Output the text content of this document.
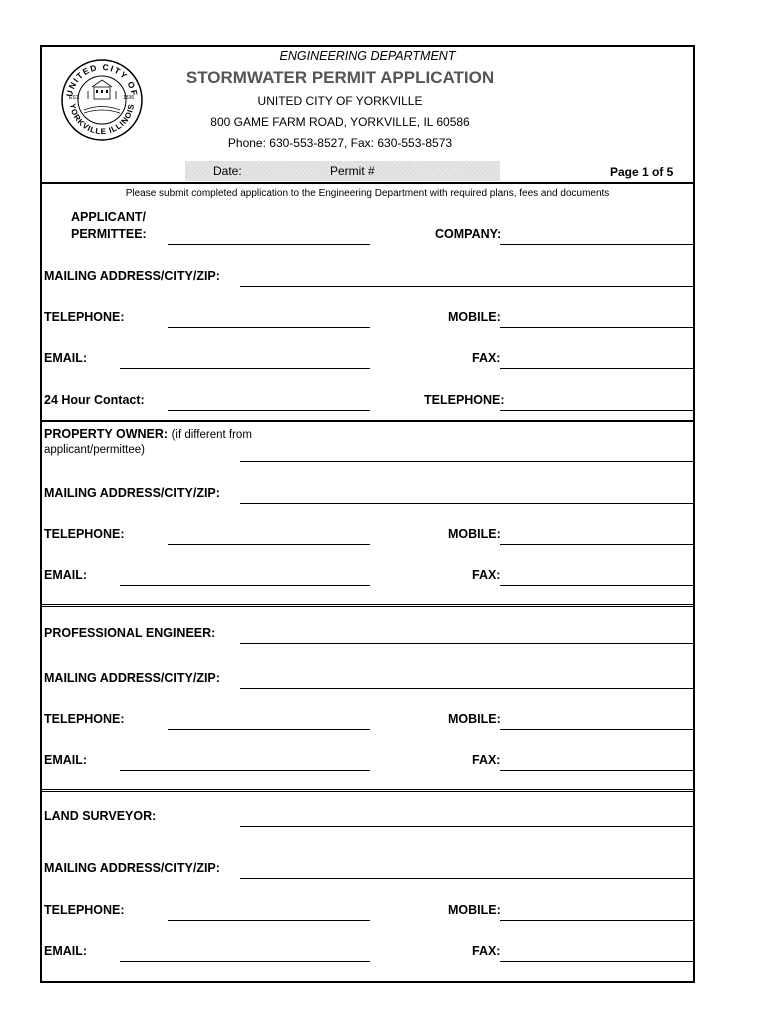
UNITED CITY OF
YORKVILLE ILLINOIS
EST.	1836
ENGINEERING DEPARTMENT
STORMWATER PERMIT APPLICATION
UNITED CITY OF YORKVILLE
800 GAME FARM ROAD, YORKVILLE, IL 60586
Phone: 630-553-8527, Fax: 630-553-8573
Date:	Permit #	Page 1 of 5
Please submit completed application to the Engineering Department with required plans, fees and documents
APPLICANT/
PERMITTEE:	COMPANY:
MAILING ADDRESS/CITY/ZIP:
TELEPHONE:	MOBILE:
EMAIL:	FAX:
24 Hour Contact:	TELEPHONE:
PROPERTY OWNER: (if different from
applicant/permittee)
MAILING ADDRESS/CITY/ZIP:
TELEPHONE:	MOBILE:
EMAIL:	FAX:
PROFESSIONAL ENGINEER:
MAILING ADDRESS/CITY/ZIP:
TELEPHONE:	MOBILE:
EMAIL:	FAX:
LAND SURVEYOR:
MAILING ADDRESS/CITY/ZIP:
TELEPHONE:	MOBILE:
EMAIL:	FAX:
